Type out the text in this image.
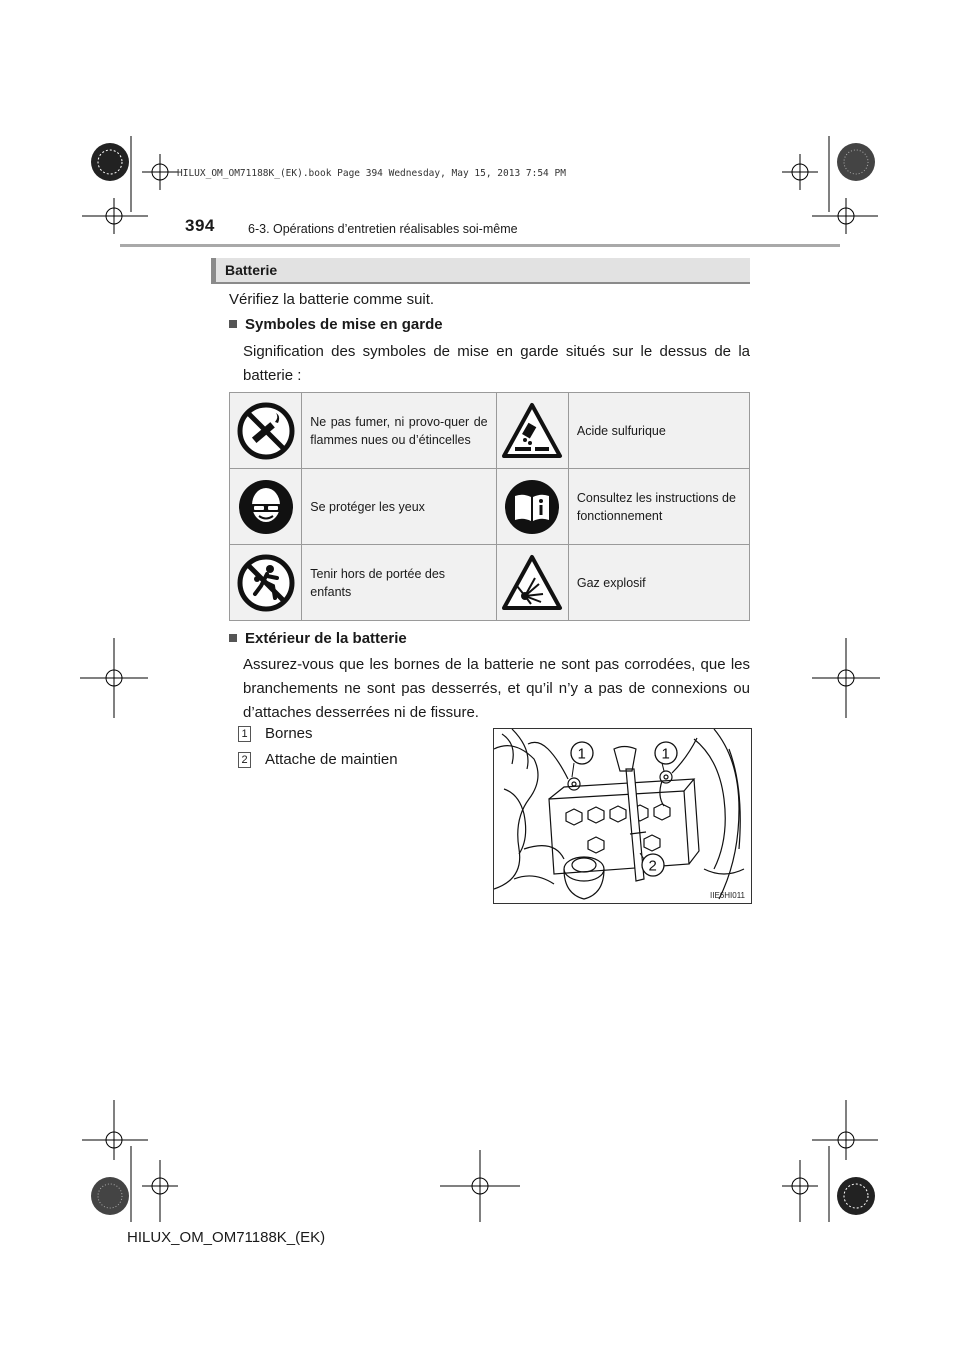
HILUX_OM_OM71188K_(EK).book Page 394 Wednesday, May 15, 2013 7:54 PM
394	6-3. Opérations d’entretien réalisables soi-même
Batterie
Vérifiez la batterie comme suit.
Symboles de mise en garde
Signification des symboles de mise en garde situés sur le dessus de la batterie :
	Ne pas fumer, ni provo-quer de flammes nues ou d’étincelles		Acide sulfurique

	Se protéger les yeux		Consultez les instructions de fonctionnement

	Tenir hors de portée des enfants		Gaz explosif
Extérieur de la batterie
Assurez-vous que les bornes de la batterie ne sont pas corrodées, que les branchements ne sont pas desserrés, et qu’il n’y a pas de connexions ou d’attaches desserrées ni de fissure.
1 Bornes
2 Attache de maintien	1	1
2
IIE6HI011
HILUX_OM_OM71188K_(EK)
